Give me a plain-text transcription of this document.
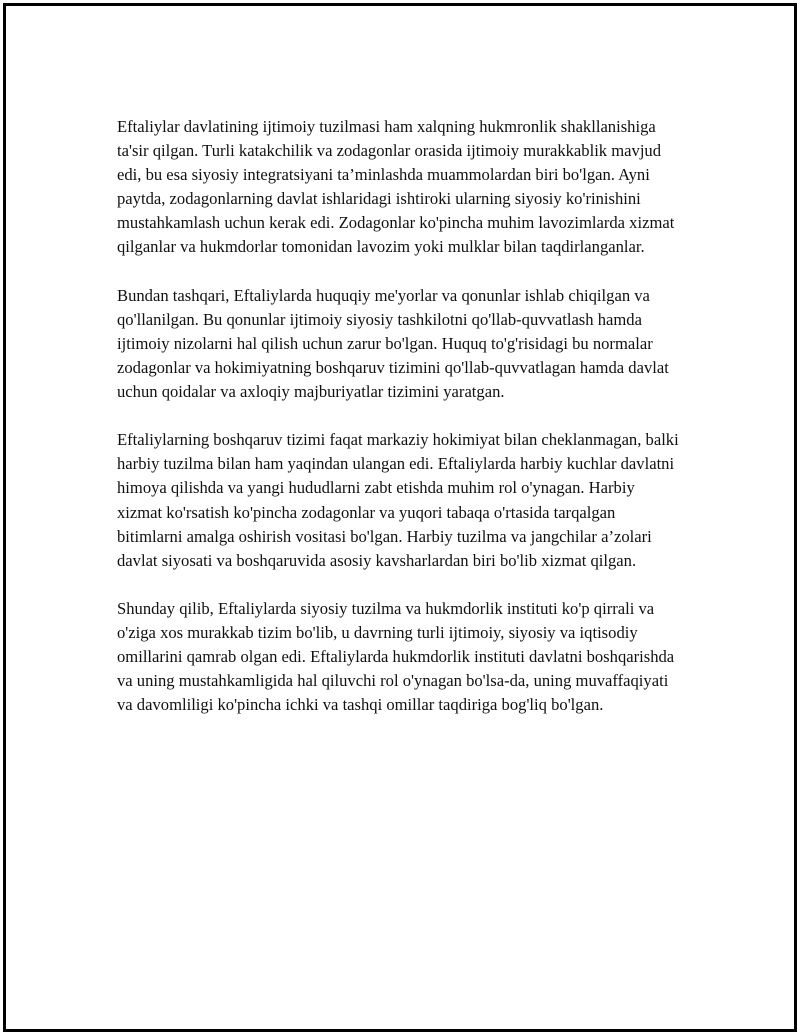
Eftaliylar davlatining ijtimoiy tuzilmasi ham xalqning hukmronlik shakllanishiga ta'sir qilgan. Turli katakchilik va zodagonlar orasida ijtimoiy murakkablik mavjud edi, bu esa siyosiy integratsiyani ta’minlashda muammolardan biri bo'lgan. Ayni paytda, zodagonlarning davlat ishlaridagi ishtiroki ularning siyosiy ko'rinishini mustahkamlash uchun kerak edi. Zodagonlar ko'pincha muhim lavozimlarda xizmat qilganlar va hukmdorlar tomonidan lavozim yoki mulklar bilan taqdirlanganlar.

Bundan tashqari, Eftaliylarda huquqiy me'yorlar va qonunlar ishlab chiqilgan va qo'llanilgan. Bu qonunlar ijtimoiy siyosiy tashkilotni qo'llab-quvvatlash hamda ijtimoiy nizolarni hal qilish uchun zarur bo'lgan. Huquq to'g'risidagi bu normalar zodagonlar va hokimiyatning boshqaruv tizimini qo'llab-quvvatlagan hamda davlat uchun qoidalar va axloqiy majburiyatlar tizimini yaratgan.

Eftaliylarning boshqaruv tizimi faqat markaziy hokimiyat bilan cheklanmagan, balki harbiy tuzilma bilan ham yaqindan ulangan edi. Eftaliylarda harbiy kuchlar davlatni himoya qilishda va yangi hududlarni zabt etishda muhim rol o'ynagan. Harbiy xizmat ko'rsatish ko'pincha zodagonlar va yuqori tabaqa o'rtasida tarqalgan bitimlarni amalga oshirish vositasi bo'lgan. Harbiy tuzilma va jangchilar a’zolari davlat siyosati va boshqaruvida asosiy kavsharlardan biri bo'lib xizmat qilgan.

Shunday qilib, Eftaliylarda siyosiy tuzilma va hukmdorlik instituti ko'p qirrali va o'ziga xos murakkab tizim bo'lib, u davrning turli ijtimoiy, siyosiy va iqtisodiy omillarini qamrab olgan edi. Eftaliylarda hukmdorlik instituti davlatni boshqarishda va uning mustahkamligida hal qiluvchi rol o'ynagan bo'lsa-da, uning muvaffaqiyati va davomliligi ko'pincha ichki va tashqi omillar taqdiriga bog'liq bo'lgan.
